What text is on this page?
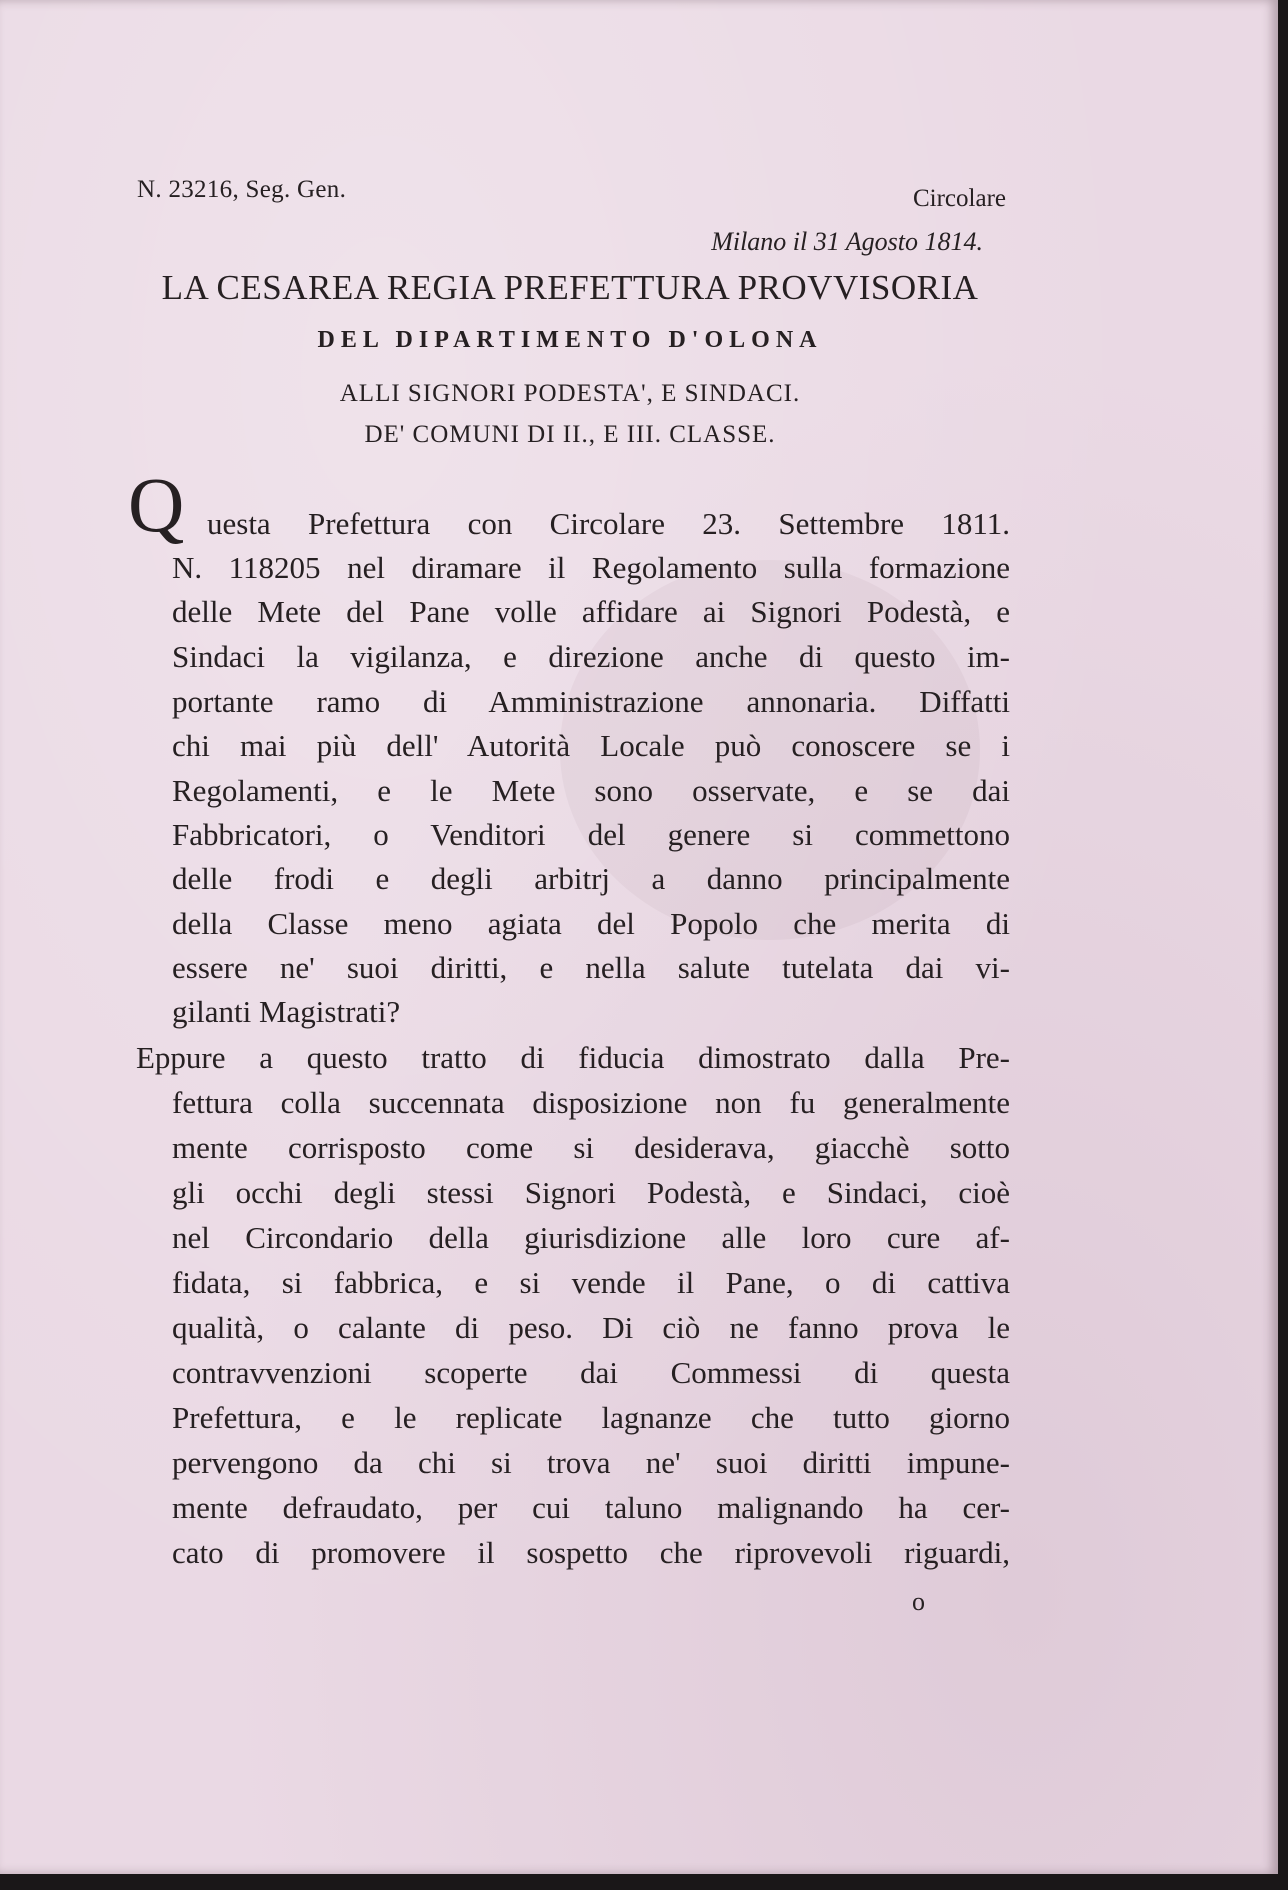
N. 23216, Seg. Gen.	Circolare
Milano il 31 Agosto 1814.
LA CESAREA REGIA PREFETTURA PROVVISORIA
DEL DIPARTIMENTO D'OLONA
ALLI SIGNORI PODESTA', E SINDACI.
DE' COMUNI DI II., E III. CLASSE.
Q uesta Prefettura con Circolare 23. Settembre 1811.
N. 118205 nel diramare il Regolamento sulla formazione
delle Mete del Pane volle affidare ai Signori Podestà, e
Sindaci la vigilanza, e direzione anche di questo im-
portante ramo di Amministrazione annonaria. Diffatti
chi mai più dell' Autorità Locale può conoscere se i
Regolamenti, e le Mete sono osservate, e se dai
Fabbricatori, o Venditori del genere si commettono
delle frodi e degli arbitrj a danno principalmente
della Classe meno agiata del Popolo che merita di
essere ne' suoi diritti, e nella salute tutelata dai vi-
gilanti Magistrati?
Eppure a questo tratto di fiducia dimostrato dalla Pre-
fettura colla succennata disposizione non fu generalmente
mente corrisposto come si desiderava, giacchè sotto
gli occhi degli stessi Signori Podestà, e Sindaci, cioè
nel Circondario della giurisdizione alle loro cure af-
fidata, si fabbrica, e si vende il Pane, o di cattiva
qualità, o calante di peso. Di ciò ne fanno prova le
contravvenzioni scoperte dai Commessi di questa
Prefettura, e le replicate lagnanze che tutto giorno
pervengono da chi si trova ne' suoi diritti impune-
mente defraudato, per cui taluno malignando ha cer-
cato di promovere il sospetto che riprovevoli riguardi,
o
